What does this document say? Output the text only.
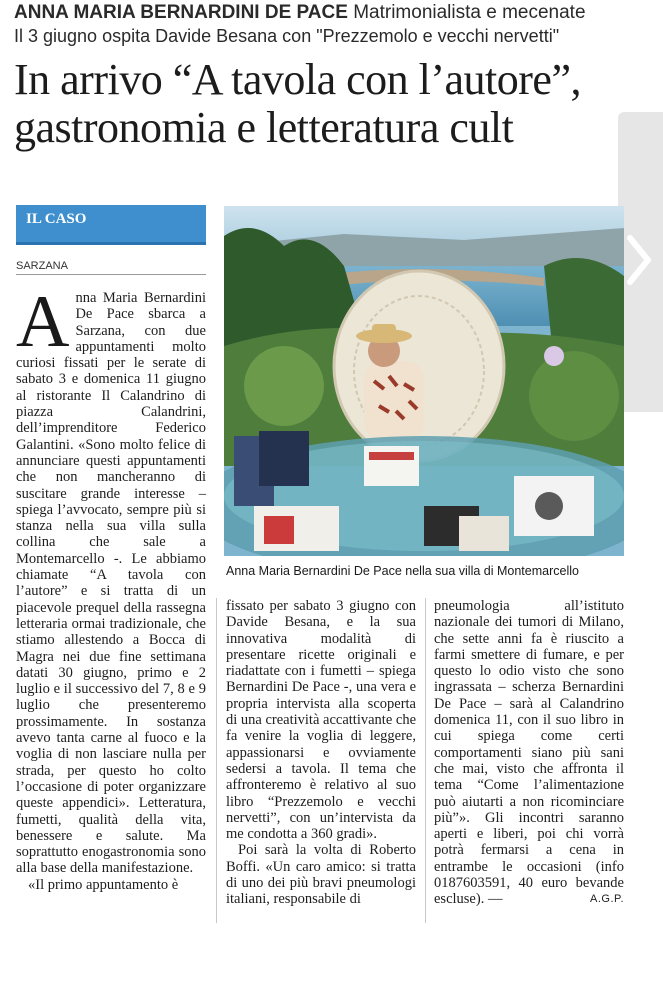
ANNA MARIA BERNARDINI DE PACE Matrimonialista e mecenate
Il 3 giugno ospita Davide Besana con "Prezzemolo e vecchi nervetti"
In arrivo “A tavola con l’autore”,
gastronomia e letteratura cult
IL CASO
SARZANA

Anna Maria Bernardini De Pace sbarca a Sarzana, con due appuntamenti molto curiosi fissati per le serate di sabato 3 e domenica 11 giugno al ristorante Il Calandrino di piazza Calandrini, dell’imprenditore Federico Galantini. «Sono molto felice di annunciare questi appuntamenti che non mancheranno di suscitare grande interesse – spiega l’avvocato, sempre più si stanza nella sua villa sulla collina che sale a Montemarcello -. Le abbiamo chiamate “A tavola con l’autore” e si tratta di un piacevole prequel della rassegna letteraria ormai tradizionale, che stiamo allestendo a Bocca di Magra nei due fine settimana datati 30 giugno, primo e 2 luglio e il successivo del 7, 8 e 9 luglio che presenteremo prossimamente. In sostanza avevo tanta carne al fuoco e la voglia di non lasciare nulla per strada, per questo ho colto l’occasione di poter organizzare queste appendici». Letteratura, fumetti, qualità della vita, benessere e salute. Ma soprattutto enogastronomia sono alla base della manifestazione.

«Il primo appuntamento è

Anna Maria Bernardini De Pace nella sua villa di Montemarcello

fissato per sabato 3 giugno con Davide Besana, e la sua innovativa modalità di presentare ricette originali e riadattate con i fumetti – spiega Bernardini De Pace -, una vera e propria intervista alla scoperta di una creatività accattivante che fa venire la voglia di leggere, appassionarsi e ovviamente sedersi a tavola. Il tema che affronteremo è relativo al suo libro “Prezzemolo e vecchi nervetti”, con un’intervista da me condotta a 360 gradi».

Poi sarà la volta di Roberto Boffi. «Un caro amico: si tratta di uno dei più bravi pneumologi italiani, responsabile di

pneumologia all’istituto nazionale dei tumori di Milano, che sette anni fa è riuscito a farmi smettere di fumare, e per questo lo odio visto che sono ingrassata – scherza Bernardini De Pace – sarà al Calandrino domenica 11, con il suo libro in cui spiega come certi comportamenti siano più sani che mai, visto che affronta il tema “Come l’alimentazione può aiutarti a non ricominciare più”». Gli incontri saranno aperti e liberi, poi chi vorrà potrà fermarsi a cena in entrambe le occasioni (info 0187603591, 40 euro bevande escluse). —	A.G.P.
